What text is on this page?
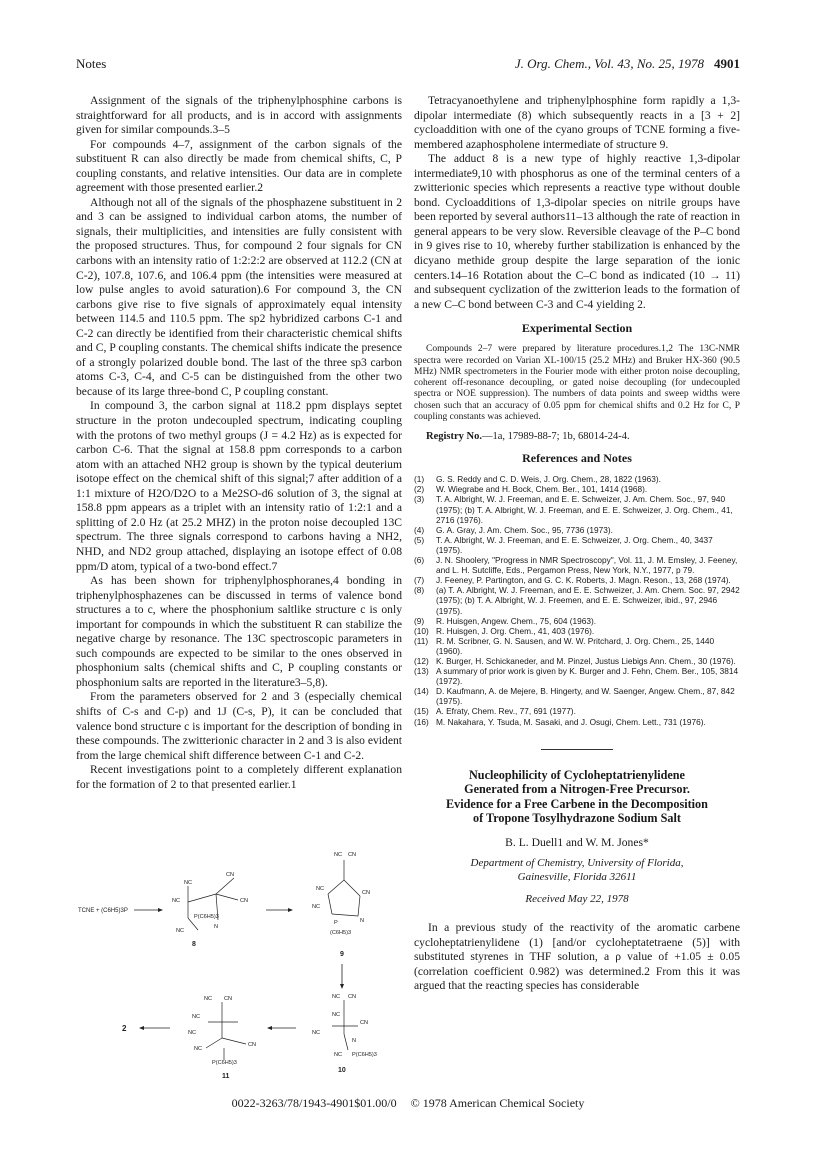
Notes	J. Org. Chem., Vol. 43, No. 25, 1978 4901

Assignment of the signals of the triphenylphosphine carbons is straightforward for all products, and is in accord with assignments given for similar compounds.3–5

For compounds 4–7, assignment of the carbon signals of the substituent R can also directly be made from chemical shifts, C, P coupling constants, and relative intensities. Our data are in complete agreement with those presented earlier.2

Although not all of the signals of the phosphazene substituent in 2 and 3 can be assigned to individual carbon atoms, the number of signals, their multiplicities, and intensities are fully consistent with the proposed structures. Thus, for compound 2 four signals for CN carbons with an intensity ratio of 1:2:2:2 are observed at 112.2 (CN at C-2), 107.8, 107.6, and 106.4 ppm (the intensities were measured at low pulse angles to avoid saturation).6 For compound 3, the CN carbons give rise to five signals of approximately equal intensity between 114.5 and 110.5 ppm. The sp2 hybridized carbons C-1 and C-2 can directly be identified from their characteristic chemical shifts and C, P coupling constants. The chemical shifts indicate the presence of a strongly polarized double bond. The last of the three sp3 carbon atoms C-3, C-4, and C-5 can be distinguished from the other two because of its large three-bond C, P coupling constant.

In compound 3, the carbon signal at 118.2 ppm displays septet structure in the proton undecoupled spectrum, indicating coupling with the protons of two methyl groups (J = 4.2 Hz) as is expected for carbon C-6. That the signal at 158.8 ppm corresponds to a carbon atom with an attached NH2 group is shown by the typical deuterium isotope effect on the chemical shift of this signal;7 after addition of a 1:1 mixture of H2O/D2O to a Me2SO-d6 solution of 3, the signal at 158.8 ppm appears as a triplet with an intensity ratio of 1:2:1 and a splitting of 2.0 Hz (at 25.2 MHZ) in the proton noise decoupled 13C spectrum. The three signals correspond to carbons having a NH2, NHD, and ND2 group attached, displaying an isotope effect of 0.08 ppm/D atom, typical of a two-bond effect.7

As has been shown for triphenylphosphoranes,4 bonding in triphenylphosphazenes can be discussed in terms of valence bond structures a to c, where the phosphonium saltlike structure c is only important for compounds in which the substituent R can stabilize the negative charge by resonance. The 13C spectroscopic parameters in such compounds are expected to be similar to the ones observed in phosphonium salts (chemical shifts and C, P coupling constants or phosphonium salts are reported in the literature3–5,8).

From the parameters observed for 2 and 3 (especially chemical shifts of C-s and C-p) and 1J (C-s, P), it can be concluded that valence bond structure c is important for the description of bonding in these compounds. The zwitterionic character in 2 and 3 is also evident from the large chemical shift difference between C-1 and C-2.

Recent investigations point to a completely different explanation for the formation of 2 to that presented earlier.1

TCNE + (C6H5)3P
NC
NC
CN
CN
N
NC
P(C6H5)3
8
NC CN
NC
CN
NC
N
P
(C6H5)3
9
NC CN
NC
CN
NC
N
NC P(C6H5)3
10
NC CN
NC
NC
CN
NC
P(C6H5)3
11
2

Tetracyanoethylene and triphenylphosphine form rapidly a 1,3-dipolar intermediate (8) which subsequently reacts in a [3 + 2] cycloaddition with one of the cyano groups of TCNE forming a five-membered azaphospholene intermediate of structure 9.

The adduct 8 is a new type of highly reactive 1,3-dipolar intermediate9,10 with phosphorus as one of the terminal centers of a zwitterionic species which represents a reactive type without double bond. Cycloadditions of 1,3-dipolar species on nitrile groups have been reported by several authors11–13 although the rate of reaction in general appears to be very slow. Reversible cleavage of the P–C bond in 9 gives rise to 10, whereby further stabilization is enhanced by the dicyano methide group despite the large separation of the ionic centers.14–16 Rotation about the C–C bond as indicated (10 → 11) and subsequent cyclization of the zwitterion leads to the formation of a new C–C bond between C-3 and C-4 yielding 2.

Experimental Section

Compounds 2–7 were prepared by literature procedures.1,2 The 13C-NMR spectra were recorded on Varian XL-100/15 (25.2 MHz) and Bruker HX-360 (90.5 MHz) NMR spectrometers in the Fourier mode with either proton noise decoupling, coherent off-resonance decoupling, or gated noise decoupling (for undecoupled spectra or NOE suppression). The numbers of data points and sweep widths were chosen such that an accuracy of 0.05 ppm for chemical shifts and 0.2 Hz for C, P coupling constants was achieved.

Registry No.—1a, 17989-88-7; 1b, 68014-24-4.
References and Notes
(1) G. S. Reddy and C. D. Weis, J. Org. Chem., 28, 1822 (1963).
(2) W. Wiegrabe and H. Bock, Chem. Ber., 101, 1414 (1968).
(3) T. A. Albright, W. J. Freeman, and E. E. Schweizer, J. Am. Chem. Soc., 97, 940 (1975); (b) T. A. Albright, W. J. Freeman, and E. E. Schweizer, J. Org. Chem., 41, 2716 (1976).
(4) G. A. Gray, J. Am. Chem. Soc., 95, 7736 (1973).
(5) T. A. Albright, W. J. Freeman, and E. E. Schweizer, J. Org. Chem., 40, 3437 (1975).
(6) J. N. Shoolery, "Progress in NMR Spectroscopy", Vol. 11, J. M. Emsley, J. Feeney, and L. H. Sutcliffe, Eds., Pergamon Press, New York, N.Y., 1977, p 79.
(7) J. Feeney, P. Partington, and G. C. K. Roberts, J. Magn. Reson., 13, 268 (1974).
(8) (a) T. A. Albright, W. J. Freeman, and E. E. Schweizer, J. Am. Chem. Soc. 97, 2942 (1975); (b) T. A. Albright, W. J. Freemen, and E. E. Schweizer, ibid., 97, 2946 (1975).
(9) R. Huisgen, Angew. Chem., 75, 604 (1963).
(10) R. Huisgen, J. Org. Chem., 41, 403 (1976).
(11) R. M. Scribner, G. N. Sausen, and W. W. Pritchard, J. Org. Chem., 25, 1440 (1960).
(12) K. Burger, H. Schickaneder, and M. Pinzel, Justus Liebigs Ann. Chem., 30 (1976).
(13) A summary of prior work is given by K. Burger and J. Fehn, Chem. Ber., 105, 3814 (1972).
(14) D. Kaufmann, A. de Mejere, B. Hingerty, and W. Saenger, Angew. Chem., 87, 842 (1975).
(15) A. Efraty, Chem. Rev., 77, 691 (1977).
(16) M. Nakahara, Y. Tsuda, M. Sasaki, and J. Osugi, Chem. Lett., 731 (1976).
Nucleophilicity of Cycloheptatrienylidene
Generated from a Nitrogen-Free Precursor.
Evidence for a Free Carbene in the Decomposition
of Tropone Tosylhydrazone Sodium Salt
B. L. Duell1 and W. M. Jones*
Department of Chemistry, University of Florida,
Gainesville, Florida 32611
Received May 22, 1978

In a previous study of the reactivity of the aromatic carbene cycloheptatrienylidene (1) [and/or cycloheptatetraene (5)] with substituted styrenes in THF solution, a ρ value of +1.05 ± 0.05 (correlation coefficient 0.982) was determined.2 From this it was argued that the reacting species has considerable

0022-3263/78/1943-4901$01.00/0 © 1978 American Chemical Society
